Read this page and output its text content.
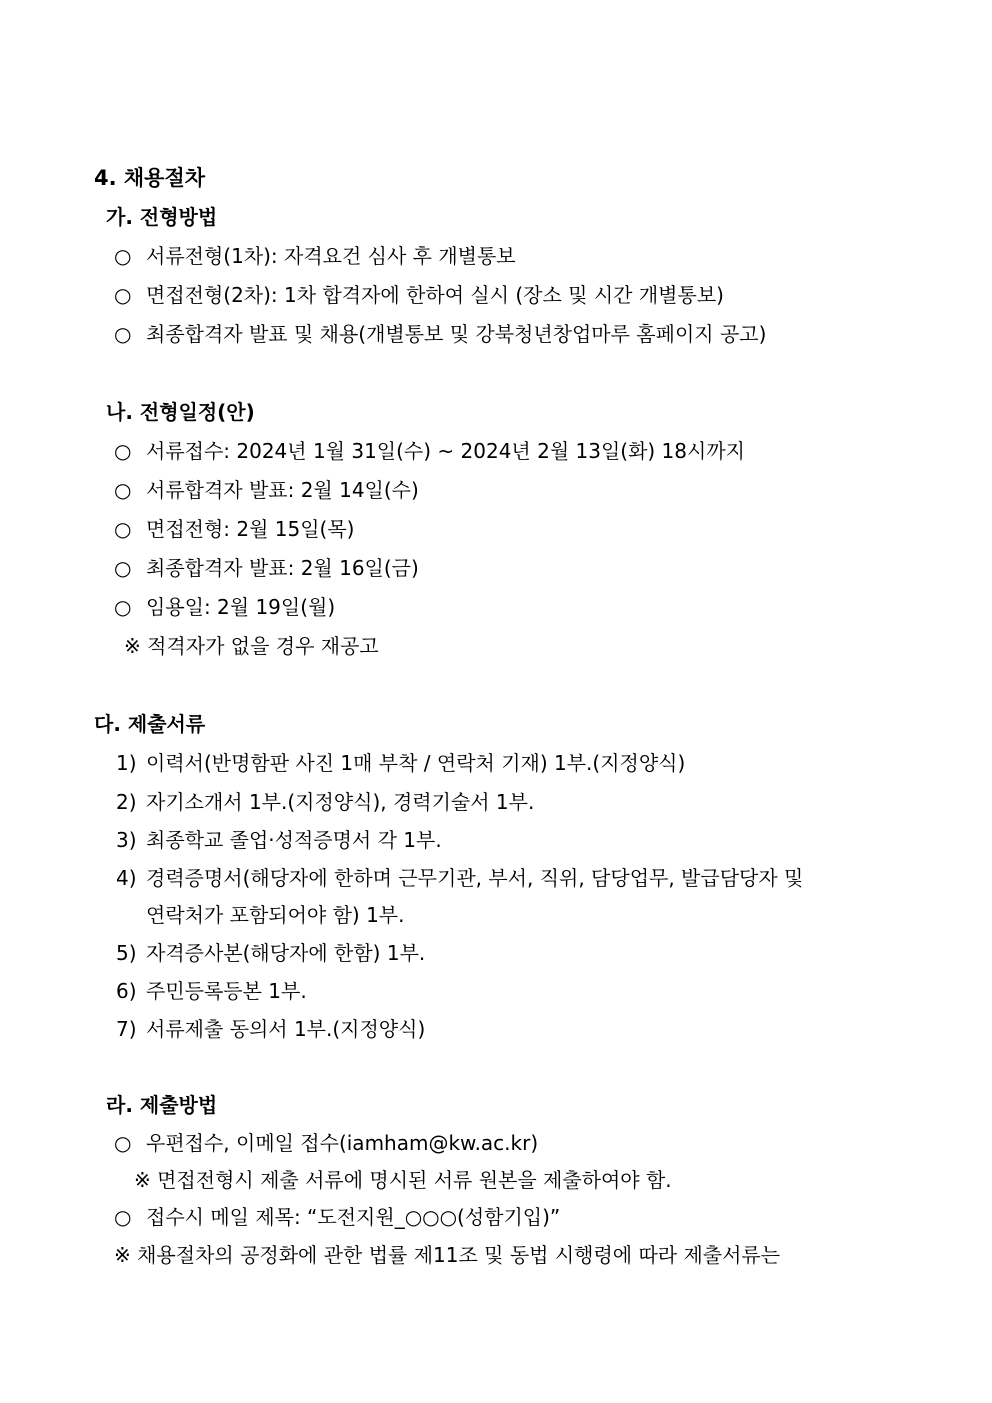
4. 채용절차
가. 전형방법
○ 서류전형(1차): 자격요건 심사 후 개별통보
○ 면접전형(2차): 1차 합격자에 한하여 실시 (장소 및 시간 개별통보)
○ 최종합격자 발표 및 채용(개별통보 및 강북청년창업마루 홈페이지 공고)
나. 전형일정(안)
○ 서류접수: 2024년 1월 31일(수) ~ 2024년 2월 13일(화) 18시까지
○ 서류합격자 발표: 2월 14일(수)
○ 면접전형: 2월 15일(목)
○ 최종합격자 발표: 2월 16일(금)
○ 임용일: 2월 19일(월)
※ 적격자가 없을 경우 재공고
다. 제출서류
1) 이력서(반명함판 사진 1매 부착 / 연락처 기재) 1부.(지정양식)
2) 자기소개서 1부.(지정양식), 경력기술서 1부.
3) 최종학교 졸업·성적증명서 각 1부.
4) 경력증명서(해당자에 한하며 근무기관, 부서, 직위, 담당업무, 발급담당자 및
연락처가 포함되어야 함) 1부.
5) 자격증사본(해당자에 한함) 1부.
6) 주민등록등본 1부.
7) 서류제출 동의서 1부.(지정양식)
라. 제출방법
○ 우편접수, 이메일 접수(iamham@kw.ac.kr)
※ 면접전형시 제출 서류에 명시된 서류 원본을 제출하여야 함.
○ 접수시 메일 제목: “도전지원_○○○(성함기입)”
※ 채용절차의 공정화에 관한 법률 제11조 및 동법 시행령에 따라 제출서류는
